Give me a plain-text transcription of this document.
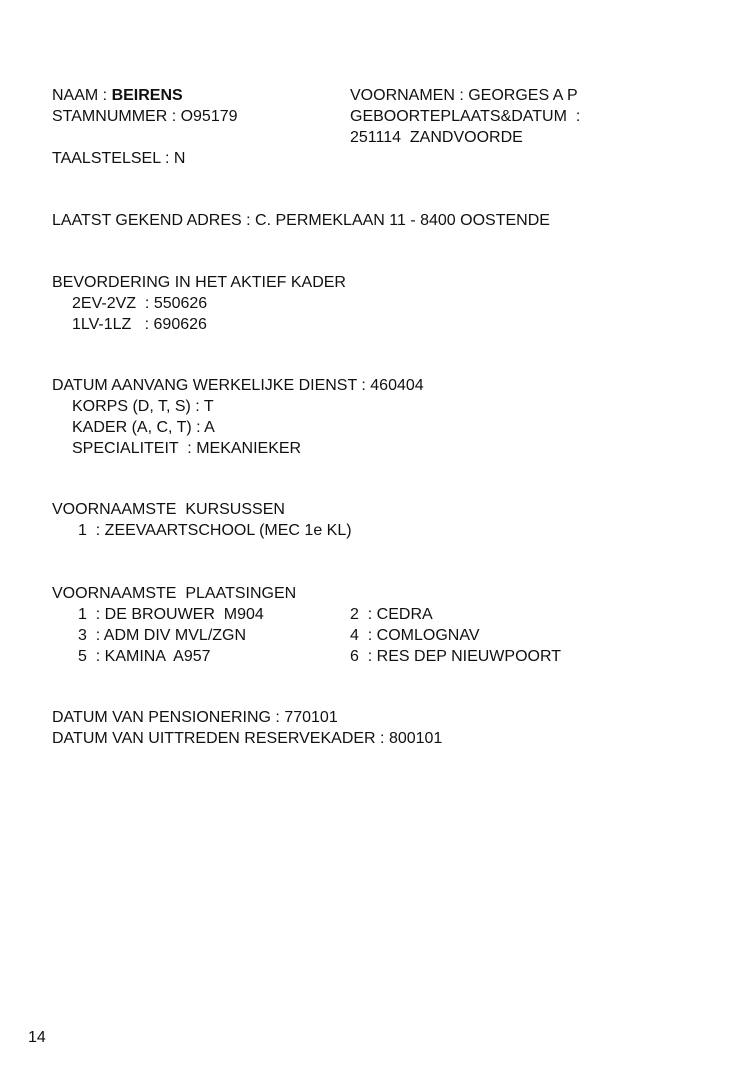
NAAM : BEIRENS
STAMNUMMER : O95179
TAALSTELSEL : N
VOORNAMEN : GEORGES A P
GEBOORTEPLAATS&DATUM  :
251114  ZANDVOORDE
LAATST GEKEND ADRES : C. PERMEKLAAN 11 - 8400 OOSTENDE
BEVORDERING IN HET AKTIEF KADER
2EV-2VZ  : 550626
1LV-1LZ   : 690626
DATUM AANVANG WERKELIJKE DIENST : 460404
KORPS (D, T, S) : T
KADER (A, C, T) : A
SPECIALITEIT  : MEKANIEKER
VOORNAAMSTE  KURSUSSEN
1  : ZEEVAARTSCHOOL (MEC 1e KL)
VOORNAAMSTE  PLAATSINGEN
1  : DE BROUWER  M904
3  : ADM DIV MVL/ZGN
5  : KAMINA  A957
2  : CEDRA
4  : COMLOGNAV
6  : RES DEP NIEUWPOORT
DATUM VAN PENSIONERING : 770101
DATUM VAN UITTREDEN RESERVEKADER : 800101
14
